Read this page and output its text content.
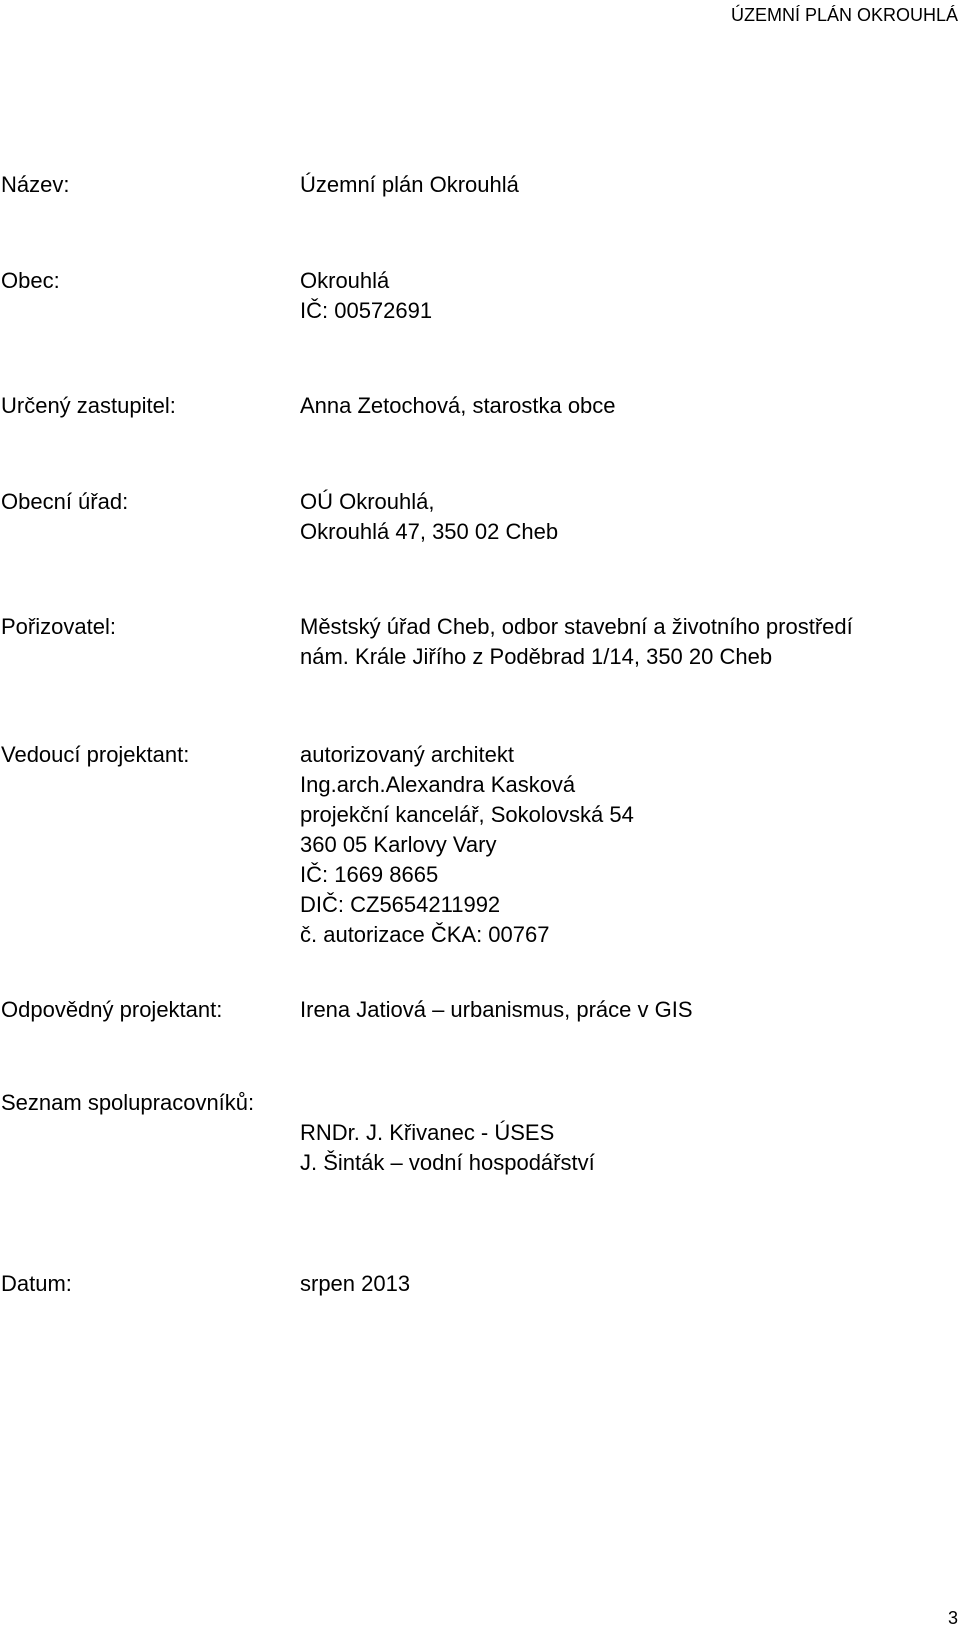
ÚZEMNÍ PLÁN OKROUHLÁ
Název:	Územní plán Okrouhlá
Obec:	Okrouhlá
IČ: 00572691
Určený zastupitel:	Anna Zetochová, starostka obce
Obecní úřad:	OÚ Okrouhlá,
Okrouhlá 47, 350 02 Cheb
Pořizovatel:	Městský úřad Cheb, odbor stavební a životního prostředí
nám. Krále Jiřího z Poděbrad 1/14, 350 20 Cheb
Vedoucí projektant:	autorizovaný architekt
Ing.arch.Alexandra Kasková
projekční kancelář, Sokolovská 54
360 05 Karlovy Vary
IČ: 1669 8665
DIČ: CZ5654211992
č. autorizace ČKA: 00767
Odpovědný projektant:	Irena Jatiová – urbanismus, práce v GIS
Seznam spolupracovníků:
RNDr. J. Křivanec - ÚSES
J. Šinták – vodní hospodářství
Datum:	srpen 2013
3
